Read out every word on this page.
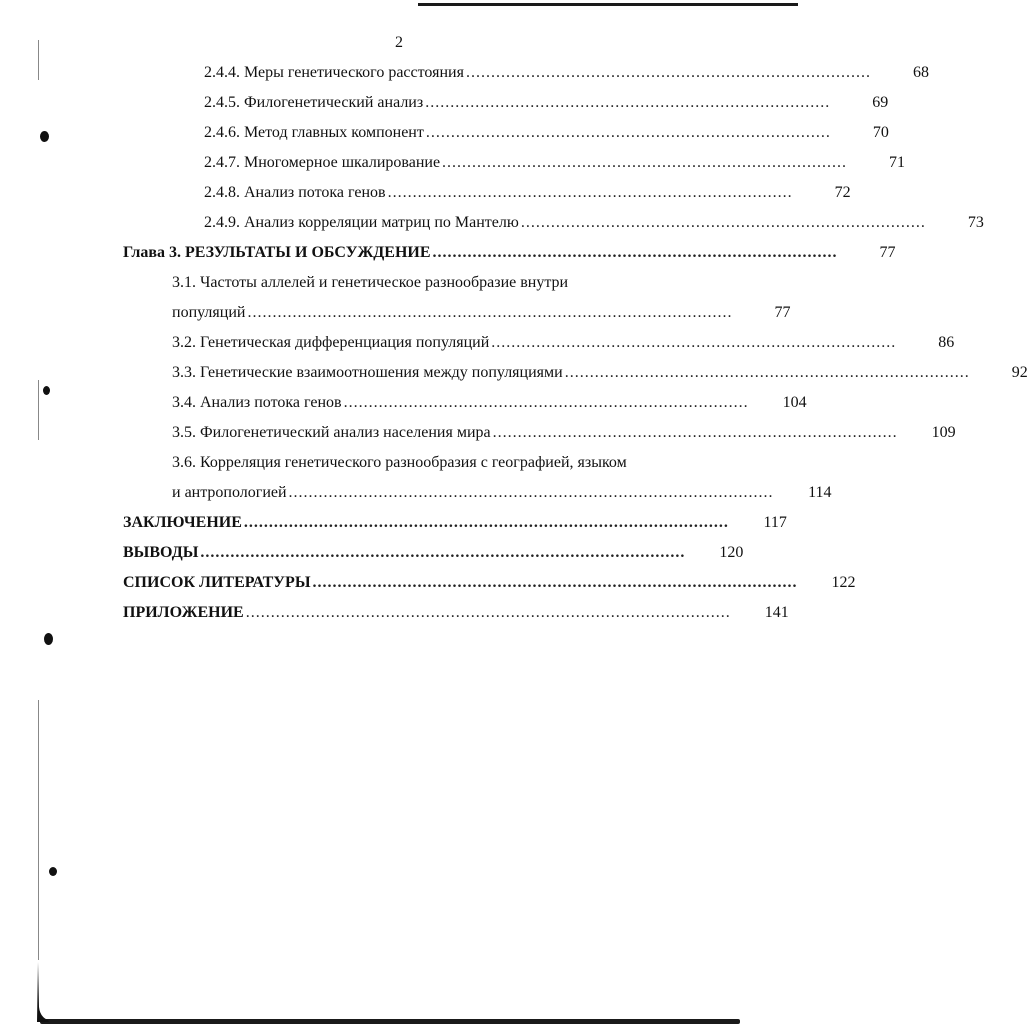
2
2.4.4. Меры генетического расстояния .................................................................................	68
2.4.5. Филогенетический анализ .................................................................................	69
2.4.6. Метод главных компонент .................................................................................	70
2.4.7. Многомерное шкалирование .................................................................................	71
2.4.8. Анализ потока генов .................................................................................	72
2.4.9. Анализ корреляции матриц по Мантелю .................................................................................	73
Глава 3. РЕЗУЛЬТАТЫ И ОБСУЖДЕНИЕ .................................................................................	77
3.1. Частоты аллелей и генетическое разнообразие внутри
популяций .................................................................................................	77
3.2. Генетическая дифференциация популяций .................................................................................	86
3.3. Генетические взаимоотношения между популяциями .................................................................................	92
3.4. Анализ потока генов .................................................................................	104
3.5. Филогенетический анализ населения мира .................................................................................	109
3.6. Корреляция генетического разнообразия с географией, языком
и антропологией .................................................................................................	114
ЗАКЛЮЧЕНИЕ .................................................................................................	117
ВЫВОДЫ .................................................................................................	120
СПИСОК ЛИТЕРАТУРЫ .................................................................................................	122
ПРИЛОЖЕНИЕ .................................................................................................	141
